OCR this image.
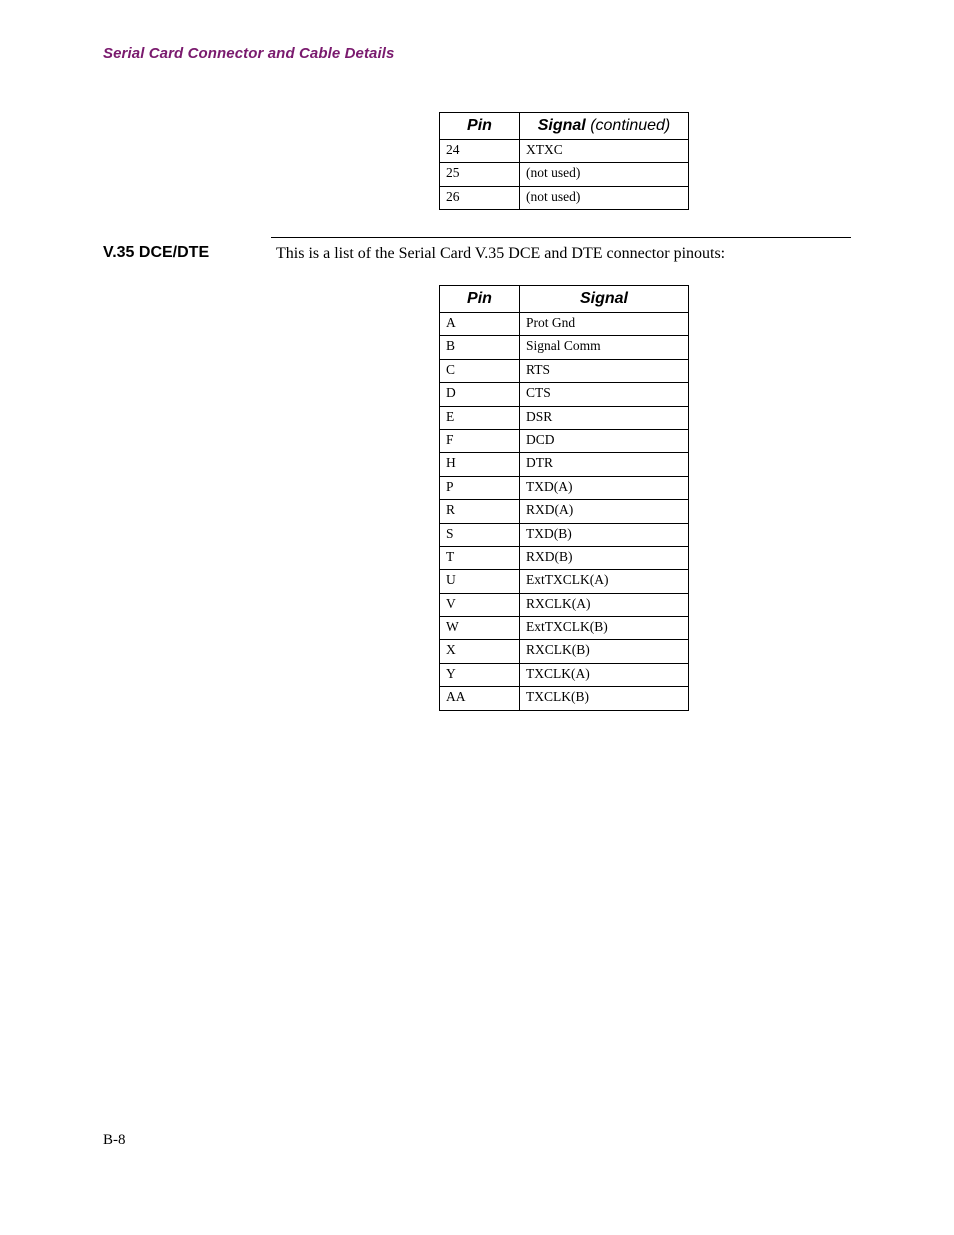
Serial Card Connector and Cable Details
Pin	Signal (continued)
24	XTXC
25	(not used)
26	(not used)
V.35 DCE/DTE	This is a list of the Serial Card V.35 DCE and DTE connector pinouts:
Pin	Signal
A	Prot Gnd
B	Signal Comm
C	RTS
D	CTS
E	DSR
F	DCD
H	DTR
P	TXD(A)
R	RXD(A)
S	TXD(B)
T	RXD(B)
U	ExtTXCLK(A)
V	RXCLK(A)
W	ExtTXCLK(B)
X	RXCLK(B)
Y	TXCLK(A)
AA	TXCLK(B)
B-8
